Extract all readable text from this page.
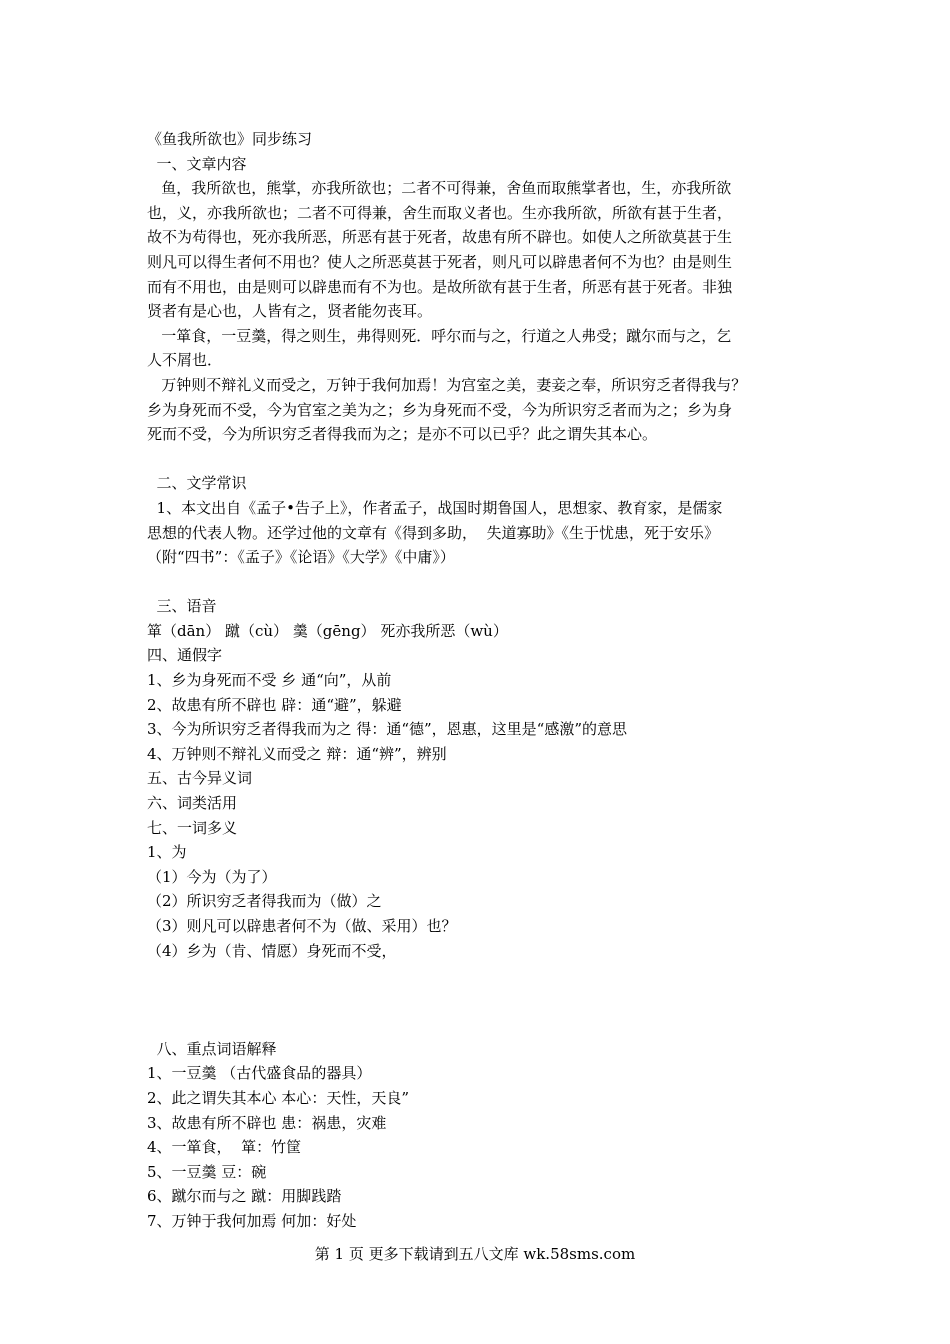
《鱼我所欲也》同步练习
一、文章内容
鱼，我所欲也，熊掌，亦我所欲也；二者不可得兼，舍鱼而取熊掌者也，生，亦我所欲
也，义，亦我所欲也；二者不可得兼，舍生而取义者也。生亦我所欲，所欲有甚于生者，
故不为苟得也，死亦我所恶，所恶有甚于死者，故患有所不辟也。如使人之所欲莫甚于生
则凡可以得生者何不用也？使人之所恶莫甚于死者，则凡可以辟患者何不为也？由是则生
而有不用也，由是则可以辟患而有不为也。是故所欲有甚于生者，所恶有甚于死者。非独
贤者有是心也，人皆有之，贤者能勿丧耳。
一箪食，一豆羹，得之则生，弗得则死．呼尔而与之，行道之人弗受；蹴尔而与之，乞
人不屑也．
万钟则不辩礼义而受之，万钟于我何加焉！为宫室之美，妻妾之奉，所识穷乏者得我与？
乡为身死而不受，今为官室之美为之；乡为身死而不受，今为所识穷乏者而为之；乡为身
死而不受，今为所识穷乏者得我而为之；是亦不可以已乎？此之谓失其本心。
二、文学常识
1、本文出自《孟子•告子上》，作者孟子，战国时期鲁国人，思想家、教育家，是儒家
思想的代表人物。还学过他的文章有《得到多助，  失道寡助》《生于忧患，死于安乐》
（附“四书”：《孟子》《论语》《大学》《中庸》）
三、语音
箪（dān） 蹴（cù） 羹（gēng） 死亦我所恶（wù）
四、通假字
1、乡为身死而不受 乡 通“向”，从前
2、故患有所不辟也 辟：通“避”，躲避
3、今为所识穷乏者得我而为之 得：通“德”，恩惠，这里是“感激”的意思
4、万钟则不辩礼义而受之 辩：通“辨”，辨别
五、古今异义词
六、词类活用
七、一词多义
1、为
（1）今为（为了）
（2）所识穷乏者得我而为（做）之
（3）则凡可以辟患者何不为（做、采用）也？
（4）乡为（肯、情愿）身死而不受，
八、重点词语解释
1、一豆羹 （古代盛食品的器具）
2、此之谓失其本心 本心：天性，天良”
3、故患有所不辟也 患：祸患，灾难
4、一箪食，  箪：竹筐
5、一豆羹 豆：碗
6、蹴尔而与之 蹴：用脚践踏
7、万钟于我何加焉 何加：好处
第 1 页 更多下载请到五八文库 wk.58sms.com
